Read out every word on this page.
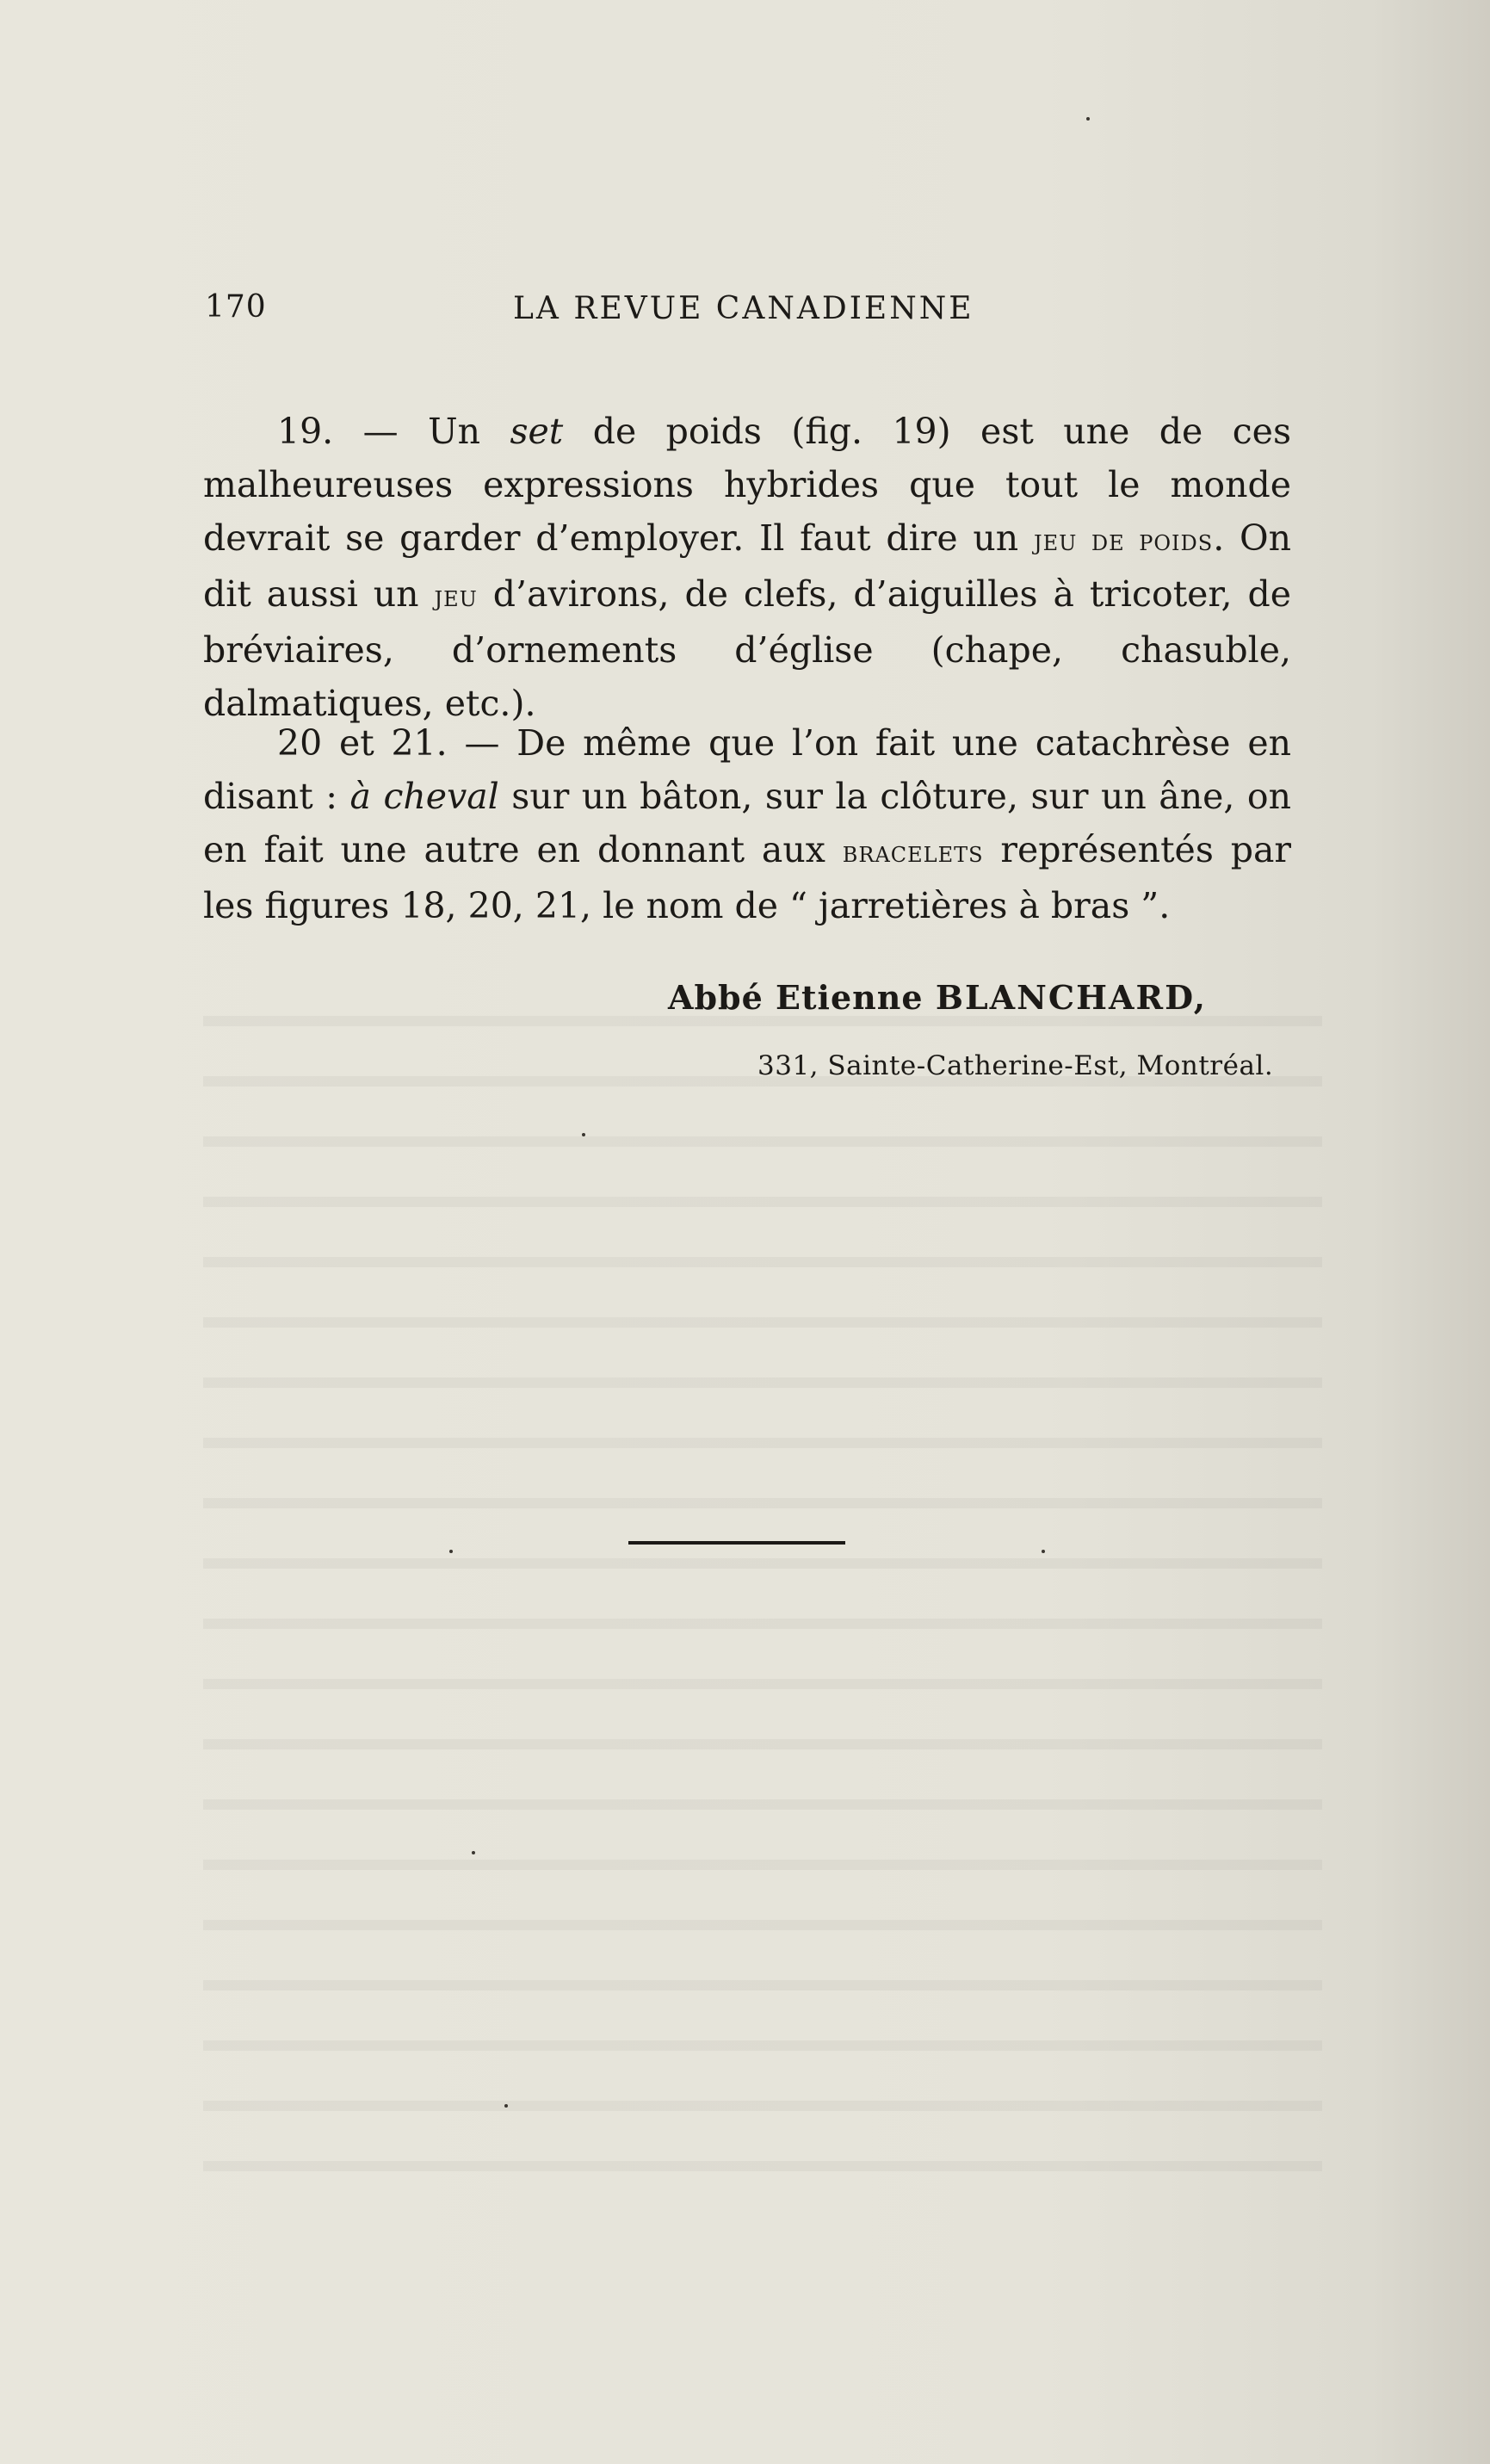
170	LA REVUE CANADIENNE

19. — Un set de poids (fig. 19) est une de ces malheureuses expressions hybrides que tout le monde devrait se garder d’employer. Il faut dire un jeu de poids. On dit aussi un jeu d’avirons, de clefs, d’aiguilles à tricoter, de bréviaires, d’ornements d’église (chape, chasuble, dalmatiques, etc.).

20 et 21. — De même que l’on fait une catachrèse en disant : à cheval sur un bâton, sur la clôture, sur un âne, on en fait une autre en donnant aux bracelets représentés par les figures 18, 20, 21, le nom de “ jarretières à bras ”.

Abbé Etienne BLANCHARD,
331, Sainte-Catherine-Est, Montréal.
